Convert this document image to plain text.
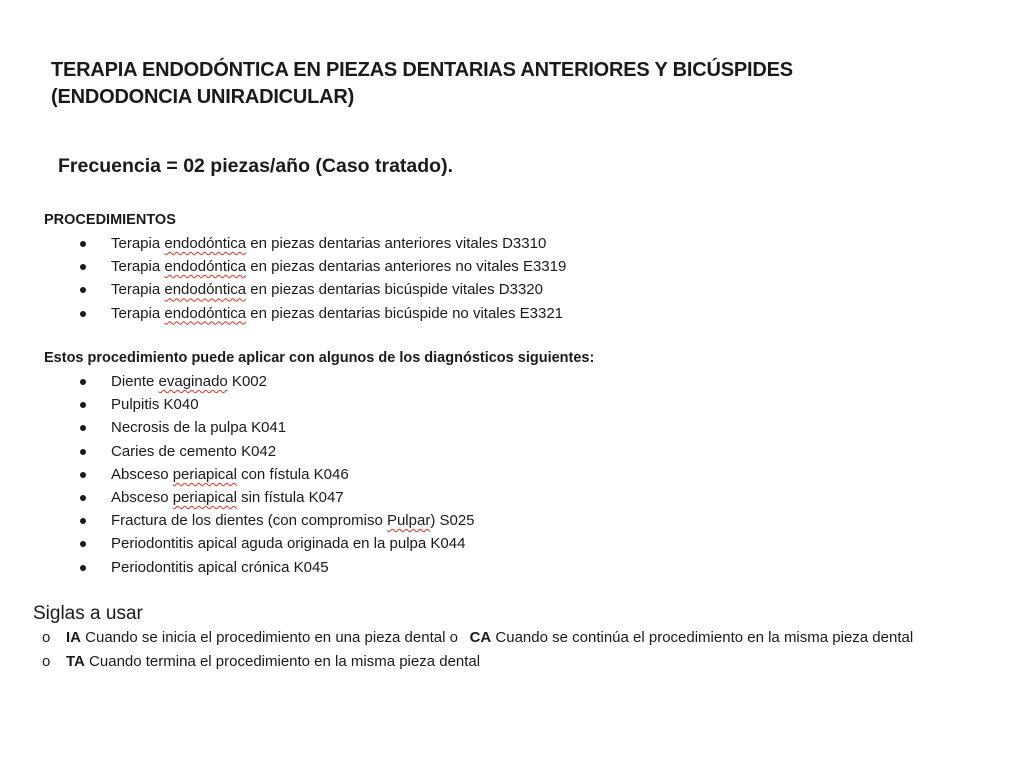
TERAPIA ENDODÓNTICA EN PIEZAS DENTARIAS ANTERIORES Y BICÚSPIDES
(ENDODONCIA UNIRADICULAR)
Frecuencia = 02 piezas/año (Caso tratado).
PROCEDIMIENTOS
Terapia endodóntica en piezas dentarias anteriores vitales D3310
Terapia endodóntica en piezas dentarias anteriores no vitales E3319
Terapia endodóntica en piezas dentarias bicúspide vitales D3320
Terapia endodóntica en piezas dentarias bicúspide no vitales E3321
Estos procedimiento puede aplicar con algunos de los diagnósticos siguientes:
Diente evaginado K002
Pulpitis K040
Necrosis de la pulpa K041
Caries de cemento K042
Absceso periapical con fístula K046
Absceso periapical sin fístula K047
Fractura de los dientes (con compromiso Pulpar) S025
Periodontitis apical aguda originada en la pulpa K044
Periodontitis apical crónica K045
Siglas a usar
o IA Cuando se inicia el procedimiento en una pieza dental o CA Cuando se continúa el procedimiento en la misma pieza dental
o TA Cuando termina el procedimiento en la misma pieza dental
